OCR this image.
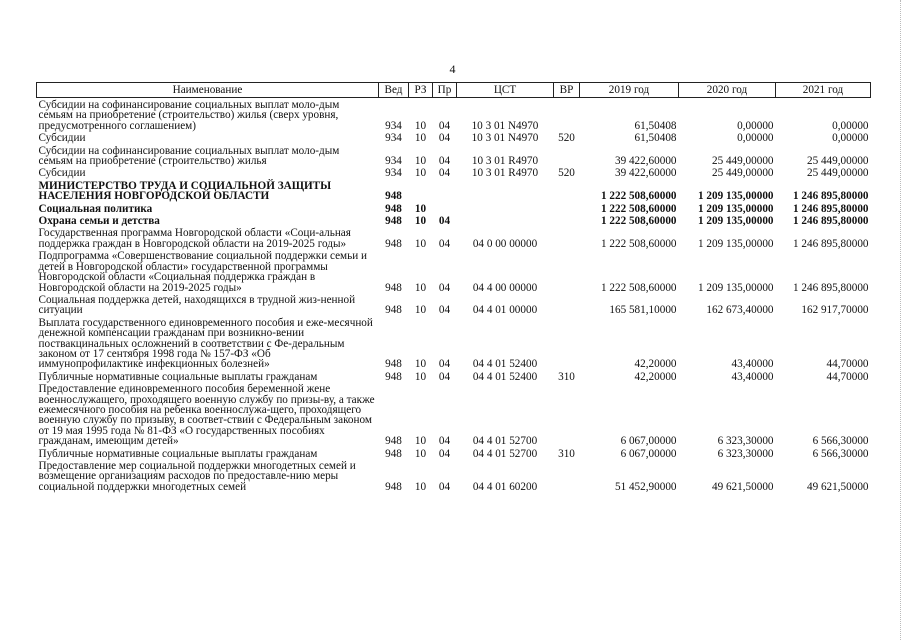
4
Наименование	Вед	РЗ	Пр	ЦСТ	ВР	2019 год	2020 год	2021 год
Субсидии на софинансирование социальных выплат моло-дым семьям на приобретение (строительство) жилья (сверх уровня, предусмотренного соглашением)	934	10	04	10 3 01 N4970		61,50408	0,00000	0,00000
Субсидии	934	10	04	10 3 01 N4970	520	61,50408	0,00000	0,00000
Субсидии на софинансирование социальных выплат моло-дым семьям на приобретение (строительство) жилья	934	10	04	10 3 01 R4970		39 422,60000	25 449,00000	25 449,00000
Субсидии	934	10	04	10 3 01 R4970	520	39 422,60000	25 449,00000	25 449,00000
МИНИСТЕРСТВО ТРУДА И СОЦИАЛЬНОЙ ЗАЩИТЫ НАСЕЛЕНИЯ НОВГОРОДСКОЙ ОБЛАСТИ	948					1 222 508,60000	1 209 135,00000	1 246 895,80000
Социальная политика	948	10				1 222 508,60000	1 209 135,00000	1 246 895,80000
Охрана семьи и детства	948	10	04			1 222 508,60000	1 209 135,00000	1 246 895,80000
Государственная программа Новгородской области «Соци-альная поддержка граждан в Новгородской области на 2019-2025 годы»	948	10	04	04 0 00 00000		1 222 508,60000	1 209 135,00000	1 246 895,80000
Подпрограмма «Совершенствование социальной поддержки семьи и детей в Новгородской области» государственной программы Новгородской области «Социальная поддержка граждан в Новгородской области на 2019-2025 годы»	948	10	04	04 4 00 00000		1 222 508,60000	1 209 135,00000	1 246 895,80000
Социальная поддержка детей, находящихся в трудной жиз-ненной ситуации	948	10	04	04 4 01 00000		165 581,10000	162 673,40000	162 917,70000
Выплата государственного единовременного пособия и еже-месячной денежной компенсации гражданам при возникно-вении поствакцинальных осложнений в соответствии с Фе-деральным законом от 17 сентября 1998 года № 157-ФЗ «Об иммунопрофилактике инфекционных болезней»	948	10	04	04 4 01 52400		42,20000	43,40000	44,70000
Публичные нормативные социальные выплаты гражданам	948	10	04	04 4 01 52400	310	42,20000	43,40000	44,70000
Предоставление единовременного пособия беременной жене военнослужащего, проходящего военную службу по призы-ву, а также ежемесячного пособия на ребенка военнослужа-щего, проходящего военную службу по призыву, в соответ-ствии с Федеральным законом от 19 мая 1995 года № 81-ФЗ «О государственных пособиях гражданам, имеющим детей»	948	10	04	04 4 01 52700		6 067,00000	6 323,30000	6 566,30000
Публичные нормативные социальные выплаты гражданам	948	10	04	04 4 01 52700	310	6 067,00000	6 323,30000	6 566,30000
Предоставление мер социальной поддержки многодетных семей и возмещение организациям расходов по предоставле-нию меры социальной поддержки многодетных семей	948	10	04	04 4 01 60200		51 452,90000	49 621,50000	49 621,50000
